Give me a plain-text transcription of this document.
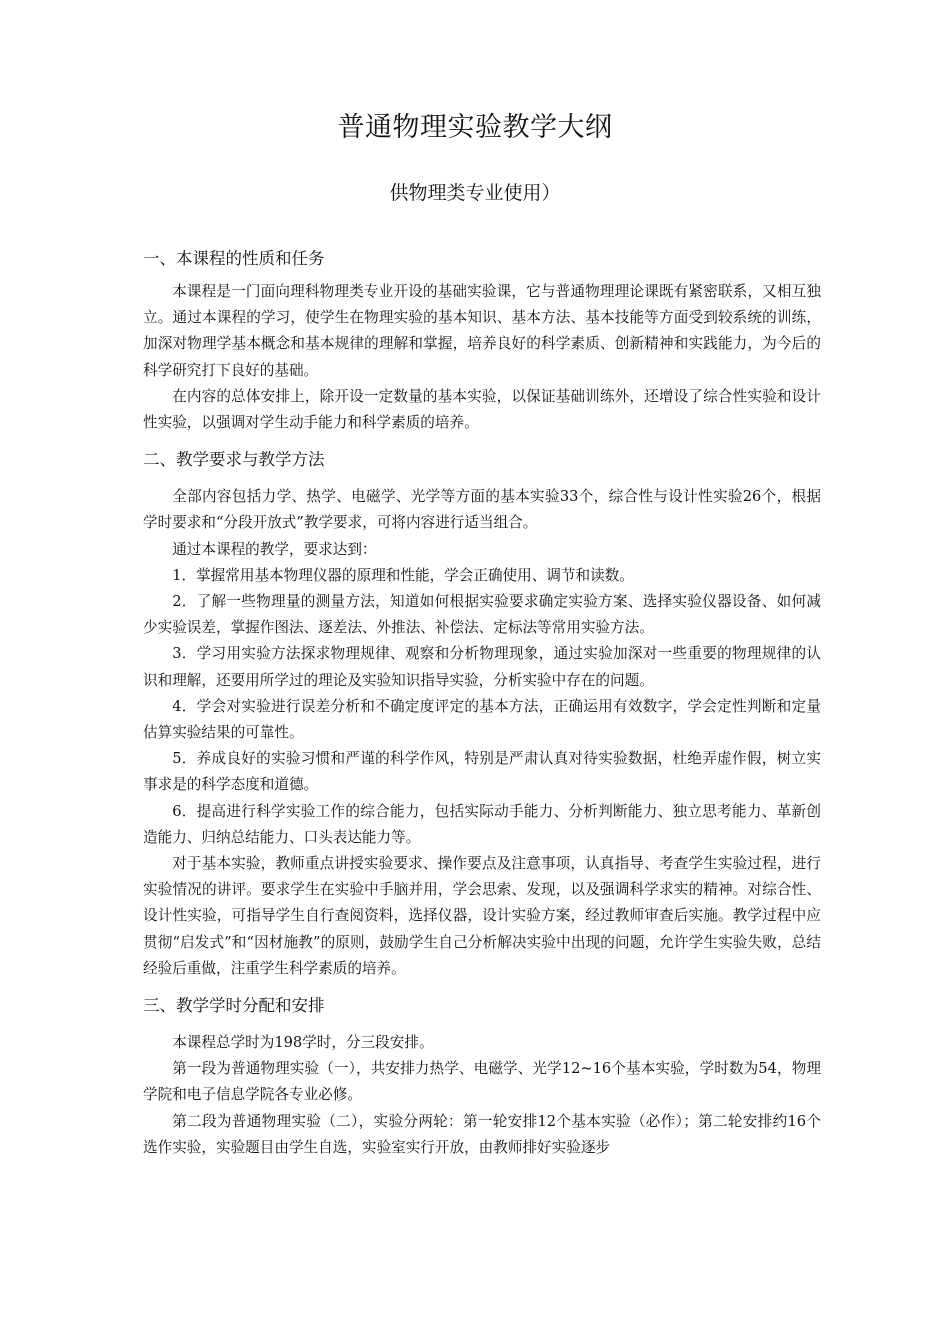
普通物理实验教学大纲
供物理类专业使用）
一、本课程的性质和任务

本课程是一门面向理科物理类专业开设的基础实验课，它与普通物理理论课既有紧密联系，又相互独立。通过本课程的学习，使学生在物理实验的基本知识、基本方法、基本技能等方面受到较系统的训练，加深对物理学基本概念和基本规律的理解和掌握，培养良好的科学素质、创新精神和实践能力，为今后的科学研究打下良好的基础。

在内容的总体安排上，除开设一定数量的基本实验，以保证基础训练外，还增设了综合性实验和设计性实验，以强调对学生动手能力和科学素质的培养。

二、教学要求与教学方法

全部内容包括力学、热学、电磁学、光学等方面的基本实验33个，综合性与设计性实验26个，根据学时要求和“分段开放式”教学要求，可将内容进行适当组合。

通过本课程的教学，要求达到：

1．掌握常用基本物理仪器的原理和性能，学会正确使用、调节和读数。

2．了解一些物理量的测量方法，知道如何根据实验要求确定实验方案、选择实验仪器设备、如何减少实验误差，掌握作图法、逐差法、外推法、补偿法、定标法等常用实验方法。

3．学习用实验方法探求物理规律、观察和分析物理现象，通过实验加深对一些重要的物理规律的认识和理解，还要用所学过的理论及实验知识指导实验，分析实验中存在的问题。

4．学会对实验进行误差分析和不确定度评定的基本方法，正确运用有效数字，学会定性判断和定量估算实验结果的可靠性。

5．养成良好的实验习惯和严谨的科学作风，特别是严肃认真对待实验数据，杜绝弄虚作假，树立实事求是的科学态度和道德。

6．提高进行科学实验工作的综合能力，包括实际动手能力、分析判断能力、独立思考能力、革新创造能力、归纳总结能力、口头表达能力等。

对于基本实验，教师重点讲授实验要求、操作要点及注意事项，认真指导、考查学生实验过程，进行实验情况的讲评。要求学生在实验中手脑并用，学会思索、发现，以及强调科学求实的精神。对综合性、设计性实验，可指导学生自行查阅资料，选择仪器，设计实验方案，经过教师审查后实施。教学过程中应贯彻“启发式”和“因材施教”的原则，鼓励学生自己分析解决实验中出现的问题，允许学生实验失败，总结经验后重做，注重学生科学素质的培养。

三、教学学时分配和安排

本课程总学时为198学时，分三段安排。

第一段为普通物理实验（一），共安排力热学、电磁学、光学12~16个基本实验，学时数为54，物理学院和电子信息学院各专业必修。

第二段为普通物理实验（二），实验分两轮：第一轮安排12个基本实验（必作）；第二轮安排约16个选作实验，实验题目由学生自选，实验室实行开放，由教师排好实验逐步
